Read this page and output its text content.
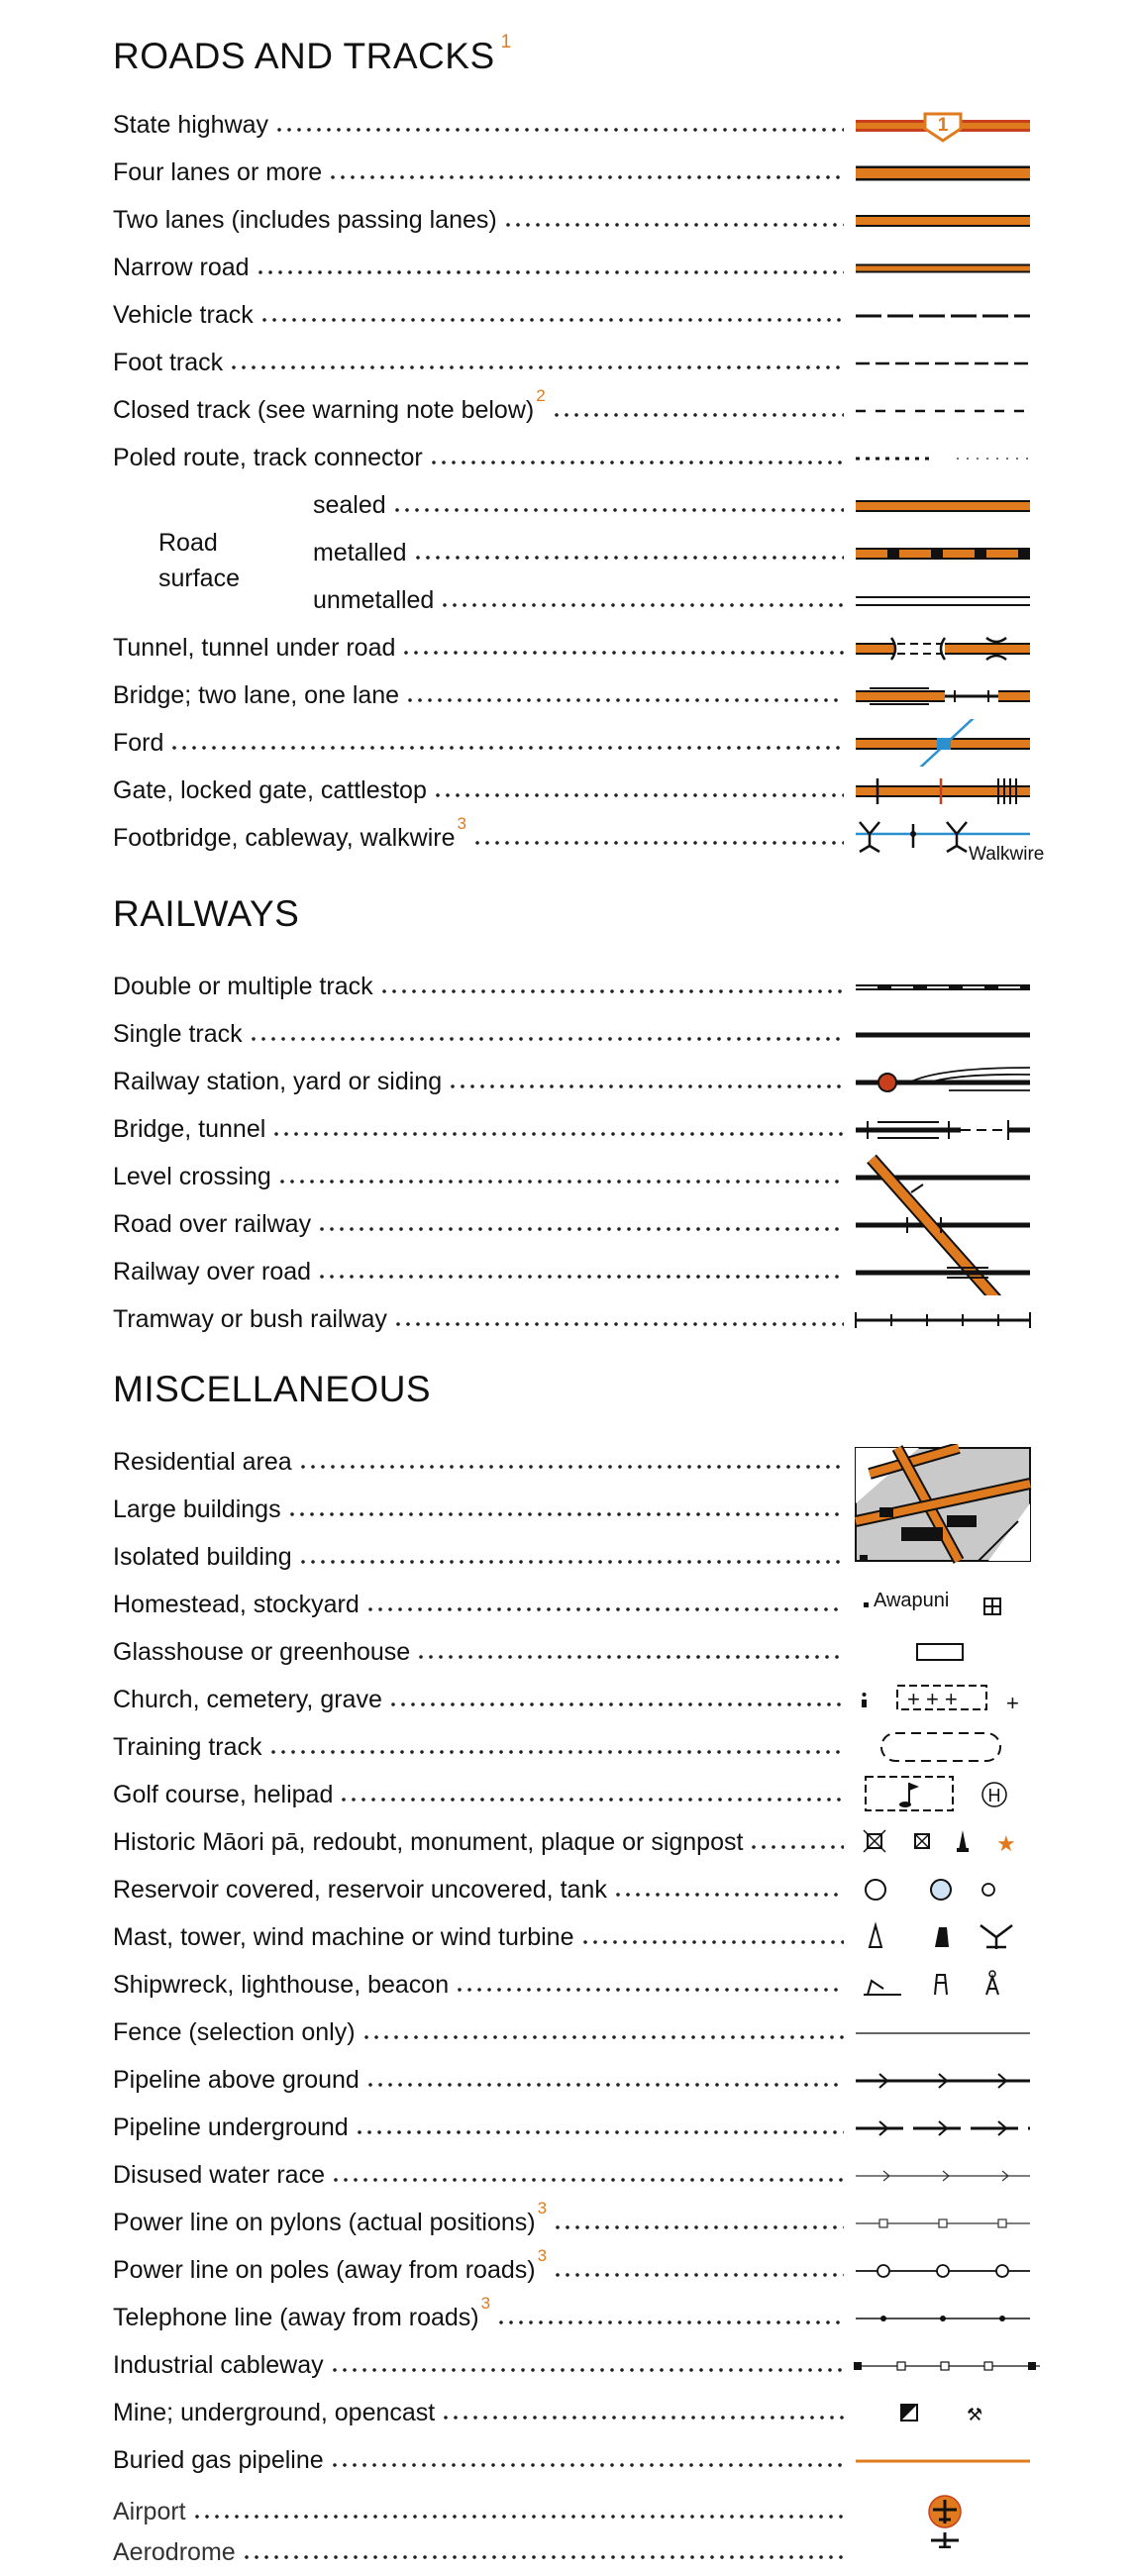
ROADS AND TRACKS $^1$
State highway	1
Four lanes or more
Two lanes (includes passing lanes)
Narrow road
Vehicle track
Foot track
Closed track (see warning note below) $^2$
Poled route, track connector
Road surface
sealed
metalled
unmetalled
Tunnel, tunnel under road
Bridge; two lane, one lane
Ford
Gate, locked gate, cattlestop
Footbridge, cableway, walkwire $^3$
Walkwire
RAILWAYS
Double or multiple track
Single track
Railway station, yard or siding
Bridge, tunnel
Level crossing
Road over railway
Railway over road
Tramway or bush railway
MISCELLANEOUS
Residential area
Large buildings
Isolated building
Homestead, stockyard	Awapuni
Glasshouse or greenhouse
Church, cemetery, grave	+ + + +
Training track
Golf course, helipad	H
Historic Māori pā, redoubt, monument, plaque or signpost	★
Reservoir covered, reservoir uncovered, tank
Mast, tower, wind machine or wind turbine
Shipwreck, lighthouse, beacon
Fence (selection only)
Pipeline above ground
Pipeline underground
Disused water race
Power line on pylons (actual positions) $^3$
Power line on poles (away from roads) $^3$
Telephone line (away from roads) $^3$
Industrial cableway
Mine; underground, opencast	⚒
Buried gas pipeline
Airport
Aerodrome
